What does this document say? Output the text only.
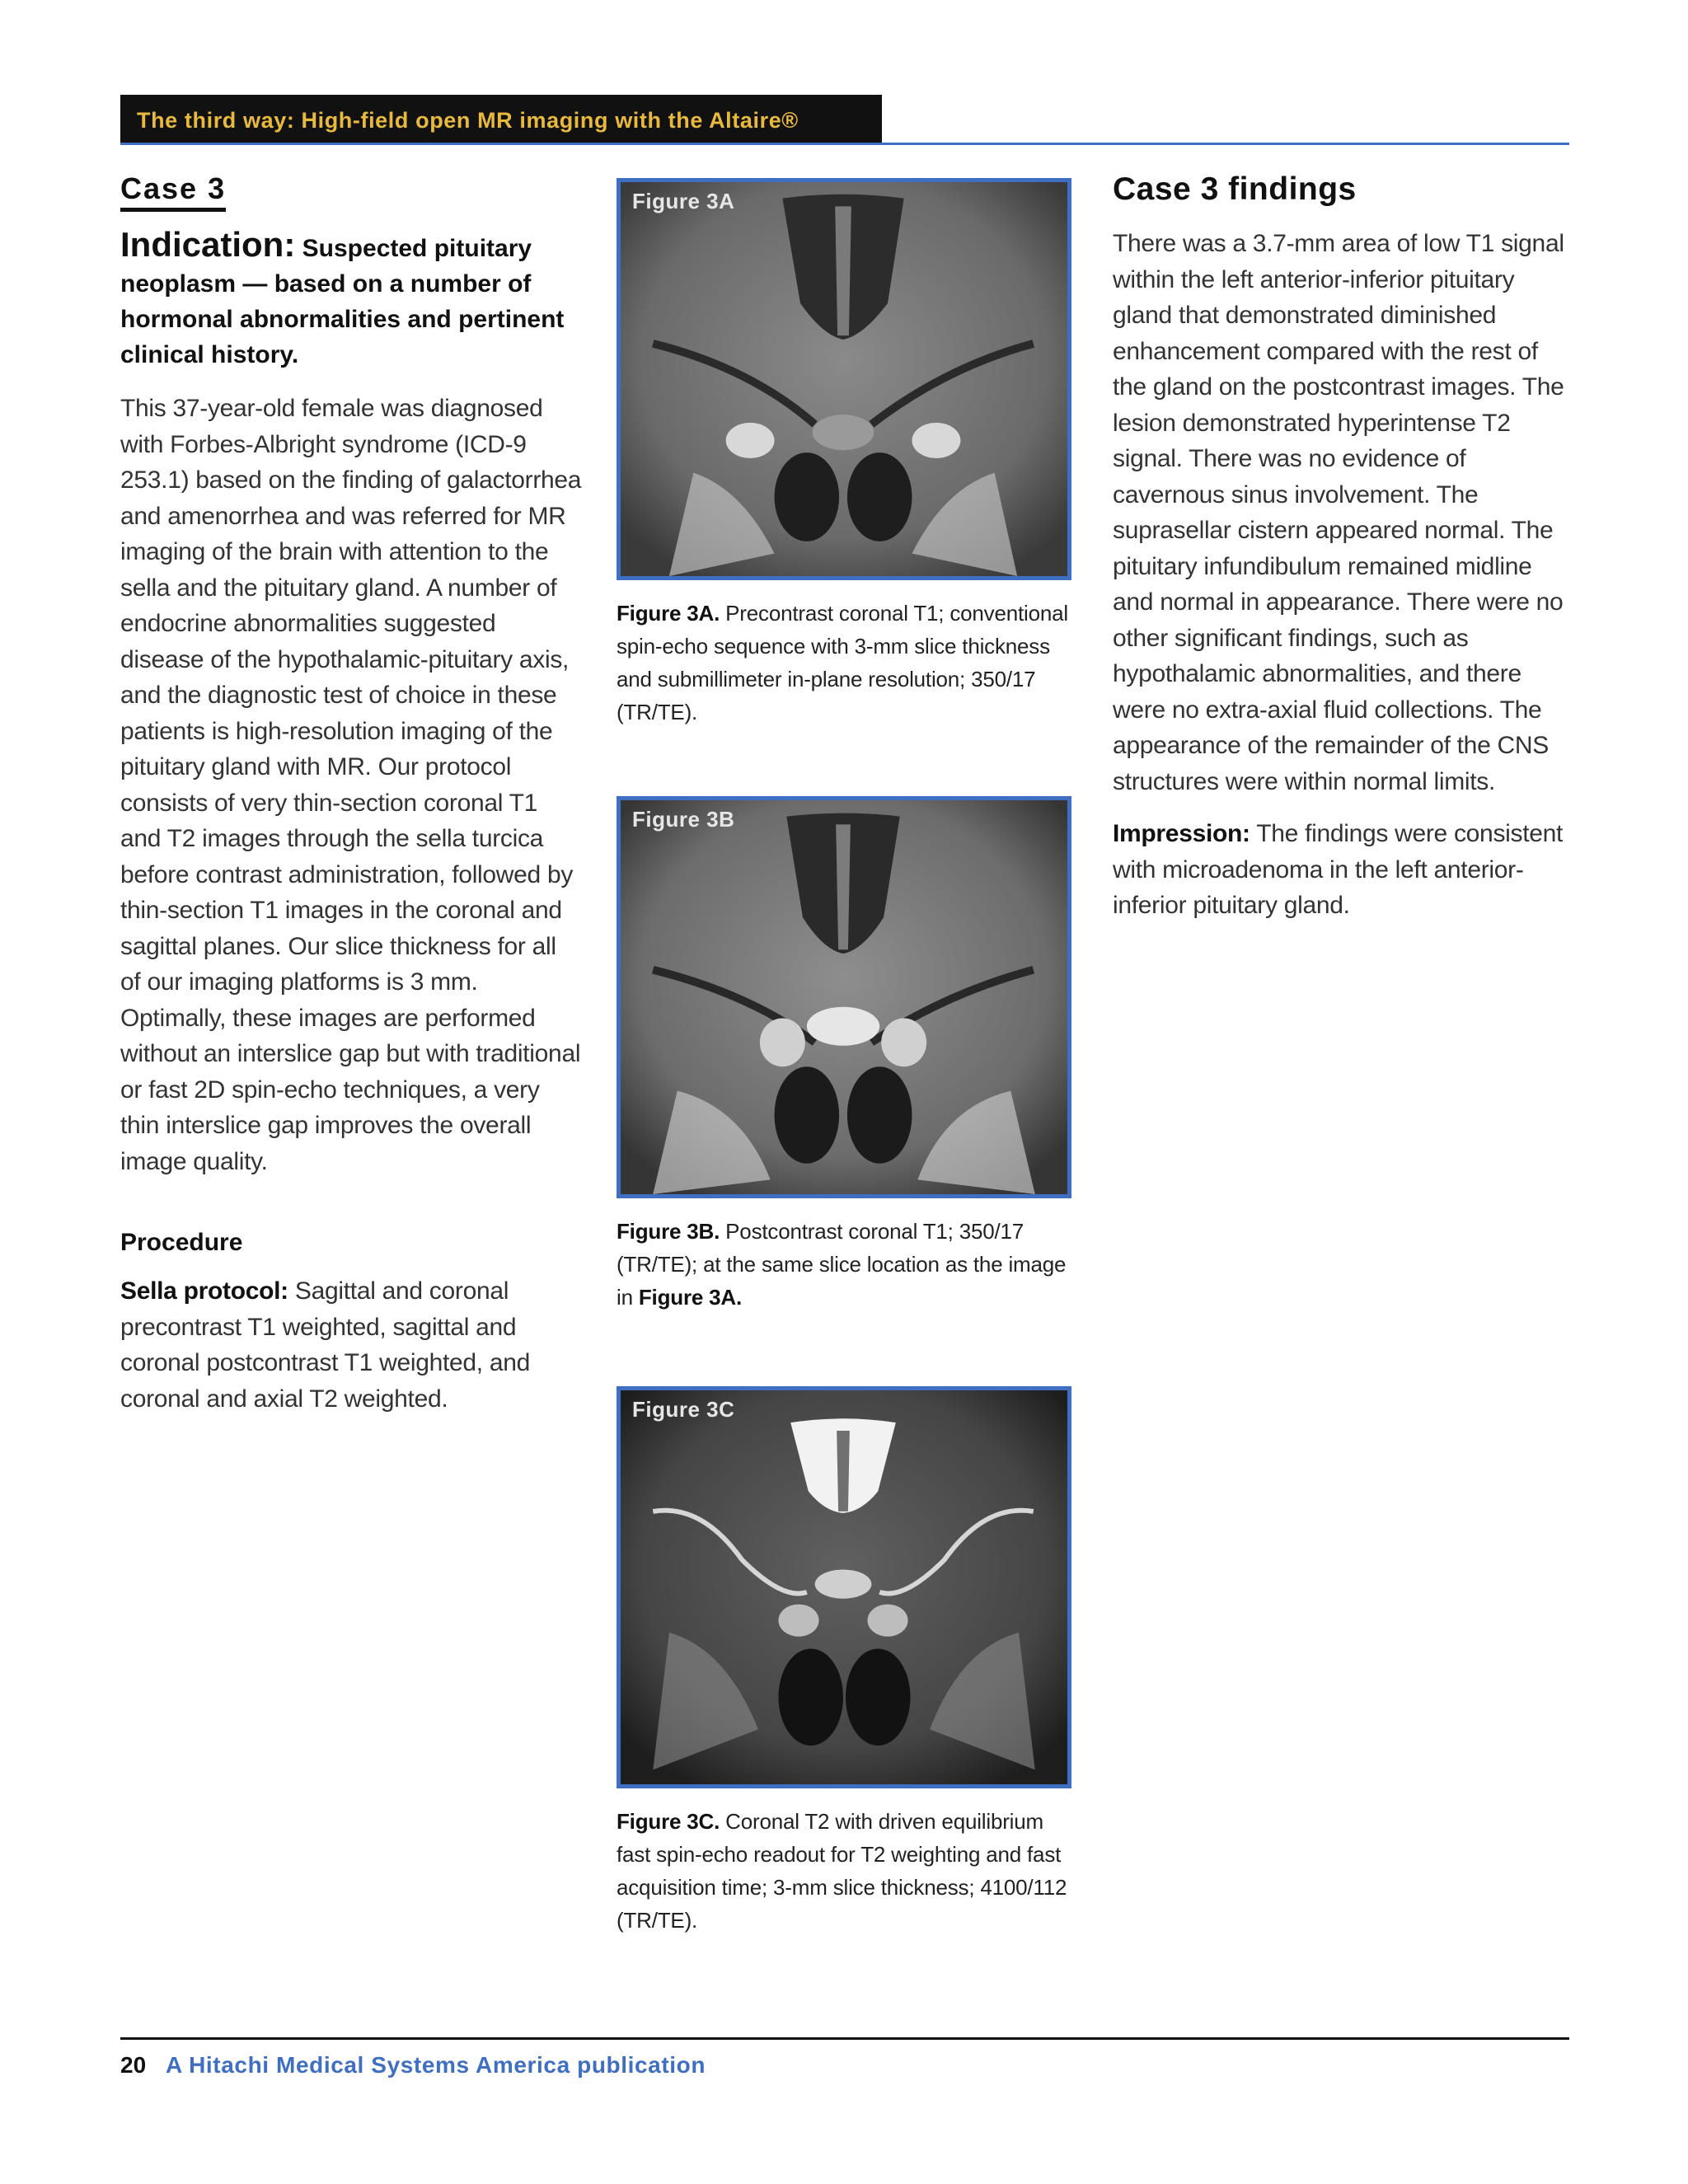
The third way: High-field open MR imaging with the Altaire®
Case 3
Indication: Suspected pituitary neoplasm — based on a number of hormonal abnormalities and pertinent clinical history.

This 37-year-old female was diagnosed with Forbes-Albright syndrome (ICD-9 253.1) based on the finding of galactorrhea and amenorrhea and was referred for MR imaging of the brain with attention to the sella and the pituitary gland. A number of endocrine abnormalities suggested disease of the hypothalamic-pituitary axis, and the diagnostic test of choice in these patients is high-resolution imaging of the pituitary gland with MR. Our protocol consists of very thin-section coronal T1 and T2 images through the sella turcica before contrast administration, followed by thin-section T1 images in the coronal and sagittal planes. Our slice thickness for all of our imaging platforms is 3 mm. Optimally, these images are performed without an interslice gap but with traditional or fast 2D spin-echo techniques, a very thin interslice gap improves the overall image quality.

Procedure

Sella protocol: Sagittal and coronal precontrast T1 weighted, sagittal and coronal postcontrast T1 weighted, and coronal and axial T2 weighted.

Figure 3A

Figure 3A. Precontrast coronal T1; conventional spin-echo sequence with 3-mm slice thickness and submillimeter in-plane resolution; 350/17 (TR/TE).

Figure 3B

Figure 3B. Postcontrast coronal T1; 350/17 (TR/TE); at the same slice location as the image in Figure 3A.

Figure 3C

Figure 3C. Coronal T2 with driven equilibrium fast spin-echo readout for T2 weighting and fast acquisition time; 3-mm slice thickness; 4100/112 (TR/TE).

Case 3 findings

There was a 3.7-mm area of low T1 signal within the left anterior-inferior pituitary gland that demonstrated diminished enhancement compared with the rest of the gland on the postcontrast images. The lesion demonstrated hyperintense T2 signal. There was no evidence of cavernous sinus involvement. The suprasellar cistern appeared normal. The pituitary infundibulum remained midline and normal in appearance. There were no other significant findings, such as hypothalamic abnormalities, and there were no extra-axial fluid collections. The appearance of the remainder of the CNS structures were within normal limits.

Impression: The findings were consistent with microadenoma in the left anterior-inferior pituitary gland.

20 A Hitachi Medical Systems America publication
